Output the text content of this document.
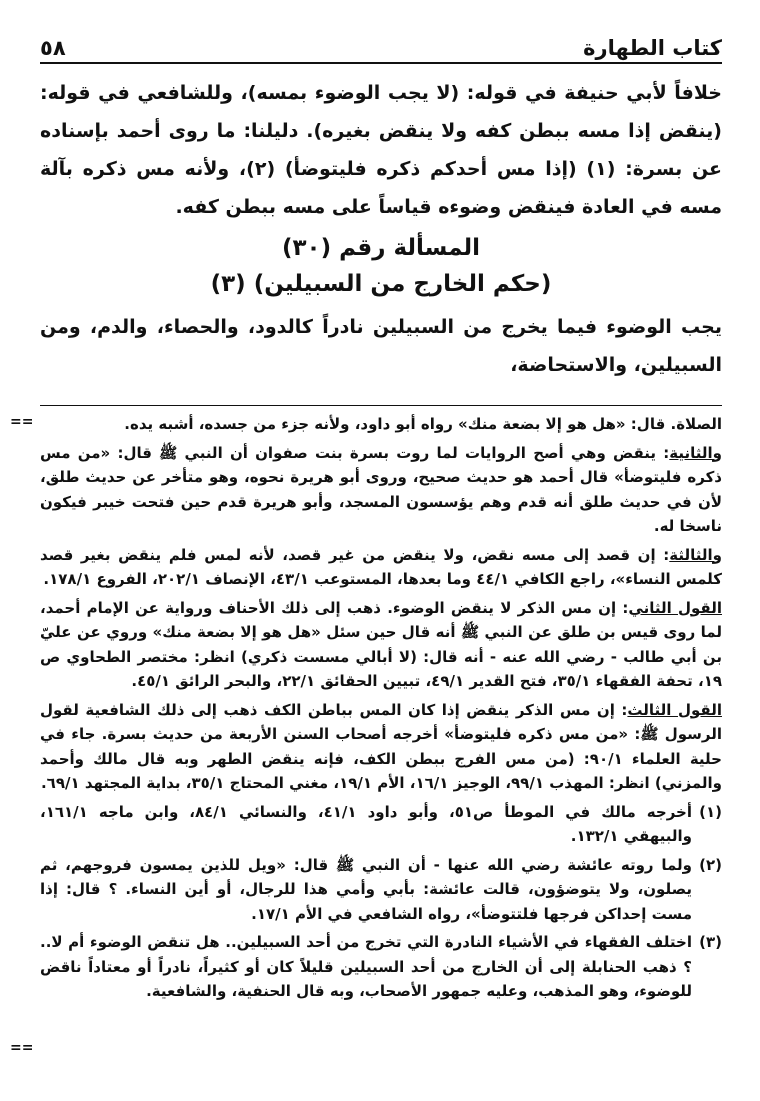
كتاب الطهارة
٥٨

خلافاً لأبي حنيفة في قوله: (لا يجب الوضوء بمسه)، وللشافعي في قوله: (ينقض إذا مسه ببطن كفه ولا ينقض بغيره). دليلنا: ما روى أحمد بإسناده عن بسرة: (١) (إذا مس أحدكم ذكره فليتوضأ) (٢)، ولأنه مس ذكره بآلة مسه في العادة فينقض وضوءه قياساً على مسه ببطن كفه.

المسألة رقم (٣٠)
(حكم الخارج من السبيلين) (٣)

يجب الوضوء فيما يخرج من السبيلين نادراً كالدود، والحصاء، والدم، ومن السبيلين، والاستحاضة،

==	الصلاة. قال: «هل هو إلا بضعة منك» رواه أبو داود، ولأنه جزء من جسده، أشبه يده.

والثانية: ينقض وهي أصح الروايات لما روت بسرة بنت صفوان أن النبي ﷺ قال: «من مس ذكره فليتوضأ» قال أحمد هو حديث صحيح، وروى أبو هريرة نحوه، وهو متأخر عن حديث طلق، لأن في حديث طلق أنه قدم وهم يؤسسون المسجد، وأبو هريرة قدم حين فتحت خيبر فيكون ناسخا له.

والثالثة: إن قصد إلى مسه نقض، ولا ينقض من غير قصد، لأنه لمس فلم ينقض بغير قصد كلمس النساء»، راجع الكافي ٤٤/١ وما بعدها، المستوعب ٤٣/١، الإنصاف ٢٠٢/١، الفروع ١٧٨/١.

القول الثاني: إن مس الذكر لا ينقض الوضوء. ذهب إلى ذلك الأحناف ورواية عن الإمام أحمد، لما روى قيس بن طلق عن النبي ﷺ أنه قال حين سئل «هل هو إلا بضعة منك» وروي عن عليّ بن أبي طالب - رضي الله عنه - أنه قال: (لا أبالي مسست ذكري) انظر: مختصر الطحاوي ص ١٩، تحفة الفقهاء ٣٥/١، فتح القدير ٤٩/١، تبيين الحقائق ٢٢/١، والبحر الرائق ٤٥/١.

القول الثالث: إن مس الذكر ينقض إذا كان المس بباطن الكف ذهب إلى ذلك الشافعية لقول الرسول ﷺ: «من مس ذكره فليتوضأ» أخرجه أصحاب السنن الأربعة من حديث بسرة. جاء في حلية العلماء ٩٠/١: (من مس الفرج ببطن الكف، فإنه ينقض الطهر وبه قال مالك وأحمد والمزني) انظر: المهذب ٩٩/١، الوجيز ١٦/١، الأم ١٩/١، مغني المحتاج ٣٥/١، بداية المجتهد ٦٩/١.

(١)
أخرجه مالك في الموطأ ص٥١، وأبو داود ٤١/١، والنسائي ٨٤/١، وابن ماجه ١٦١/١، والبيهقي ١٣٢/١.

(٢)
ولما روته عائشة رضي الله عنها - أن النبي ﷺ قال: «ويل للذين يمسون فروجهم، ثم يصلون، ولا يتوضؤون، قالت عائشة: بأبي وأمي هذا للرجال، أو أين النساء. ؟ قال: إذا مست إحداكن فرجها فلتتوضأ»، رواه الشافعي في الأم ١٧/١.

(٣)
اختلف الفقهاء في الأشياء النادرة التي تخرج من أحد السبيلين.. هل تنقض الوضوء أم لا.. ؟ ذهب الحنابلة إلى أن الخارج من أحد السبيلين قليلاً كان أو كثيراً، نادراً أو معتاداً ناقض للوضوء، وهو المذهب، وعليه جمهور الأصحاب، وبه قال الحنفية، والشافعية.

==
